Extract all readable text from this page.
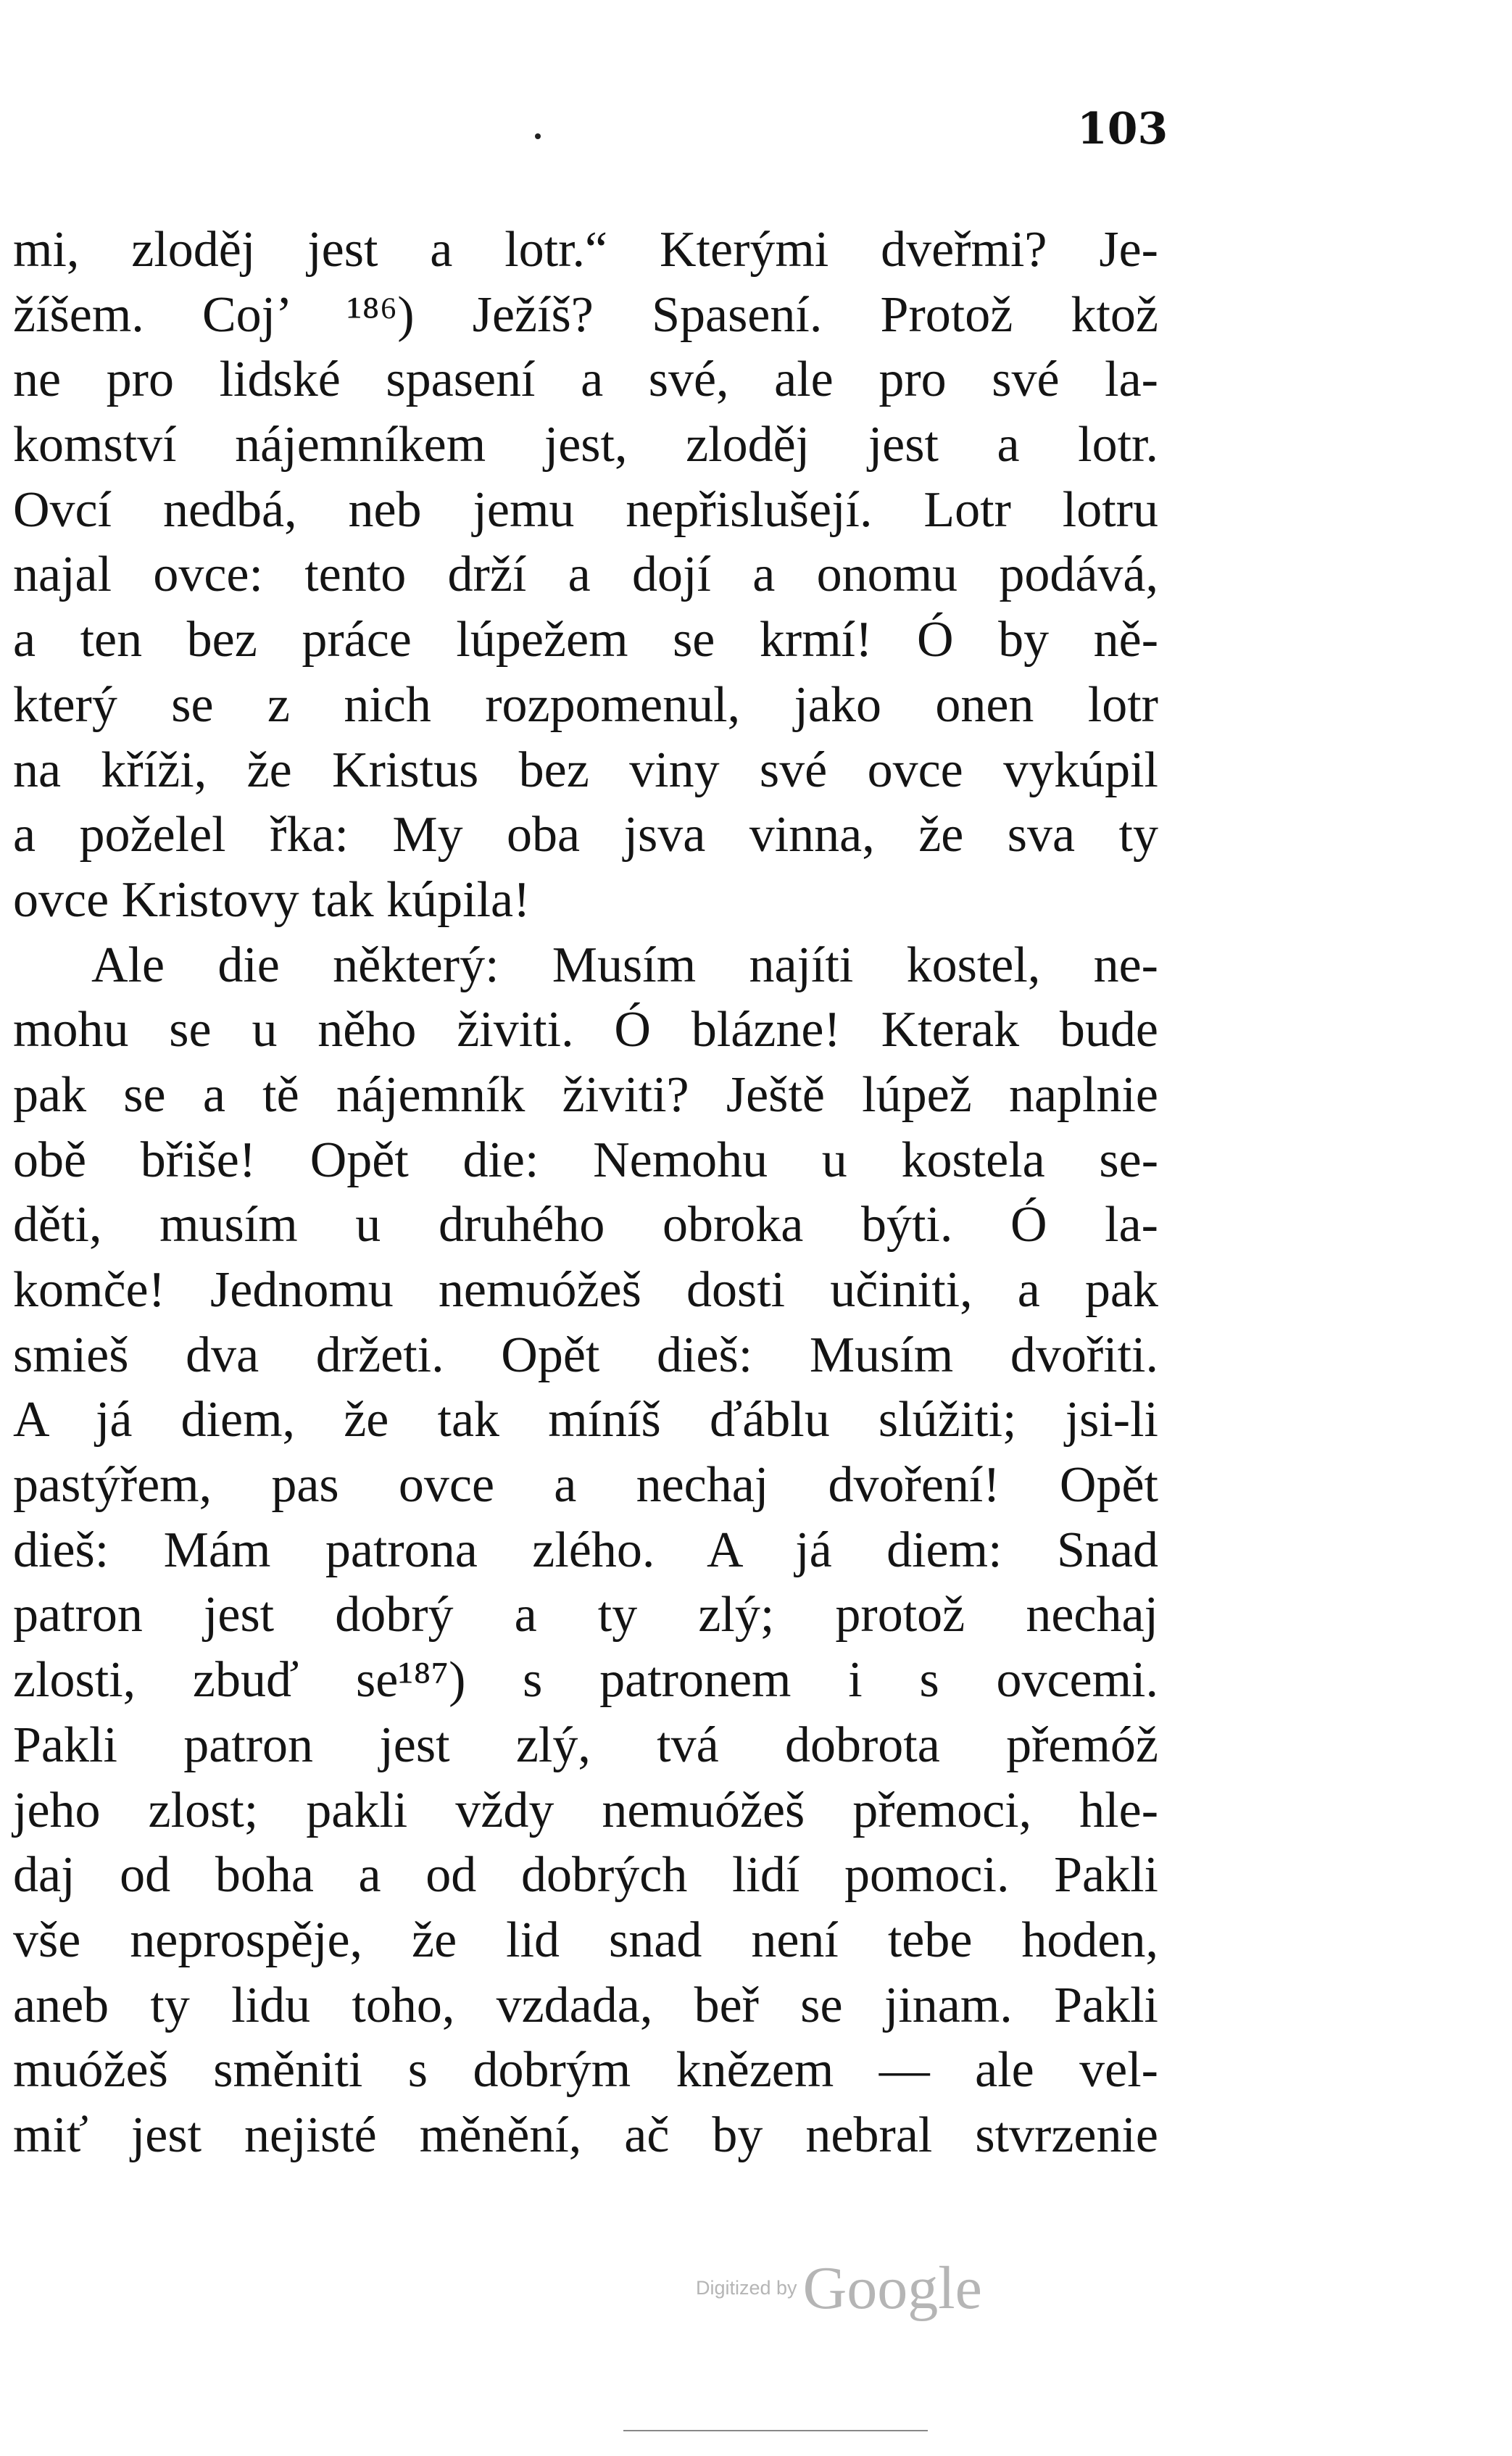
103
mi, zloděj jest a lotr.“ Kterými dveřmi? Je-
žíšem. Coj’ ¹⁸⁶) Ježíš? Spasení. Protož ktož
ne pro lidské spasení a své, ale pro své la-
komství nájemníkem jest, zloděj jest a lotr.
Ovcí nedbá, neb jemu nepřislušejí. Lotr lotru
najal ovce: tento drží a dojí a onomu podává,
a ten bez práce lúpežem se krmí! Ó by ně-
který se z nich rozpomenul, jako onen lotr
na kříži, že Kristus bez viny své ovce vykúpil
a poželel řka: My oba jsva vinna, že sva ty
ovce Kristovy tak kúpila!
Ale die některý: Musím najíti kostel, ne-
mohu se u něho živiti. Ó blázne! Kterak bude
pak se a tě nájemník živiti? Ještě lúpež naplnie
obě břiše! Opět die: Nemohu u kostela se-
děti, musím u druhého obroka býti. Ó la-
komče! Jednomu nemuóžeš dosti učiniti, a pak
smieš dva držeti. Opět dieš: Musím dvořiti.
A já diem, že tak míníš ďáblu slúžiti; jsi-li
pastýřem, pas ovce a nechaj dvoření! Opět
dieš: Mám patrona zlého. A já diem: Snad
patron jest dobrý a ty zlý; protož nechaj
zlosti, zbuď se¹⁸⁷) s patronem i s ovcemi.
Pakli patron jest zlý, tvá dobrota přemóž
jeho zlost; pakli vždy nemuóžeš přemoci, hle-
daj od boha a od dobrých lidí pomoci. Pakli
vše neprospěje, že lid snad není tebe hoden,
aneb ty lidu toho, vzdada, beř se jinam. Pakli
muóžeš směniti s dobrým knězem — ale vel-
miť jest nejisté měnění, ač by nebral stvrzenie
Digitized by Google
